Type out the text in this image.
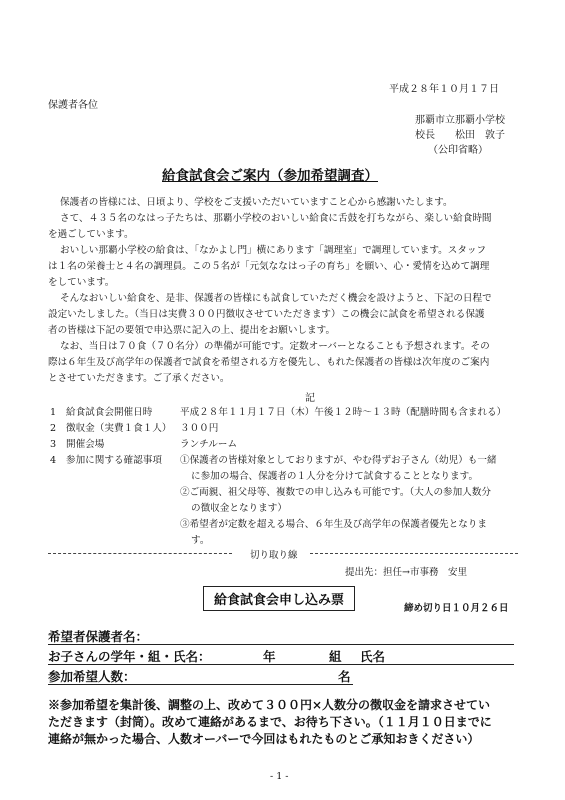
平成２８年１０月１７日
保護者各位
那覇市立那覇小学校
校長　　松田　敦子
（公印省略）
給食試食会ご案内（参加希望調査）
保護者の皆様には、日頃より、学校をご支援いただいていますこと心から感謝いたします。
さて、４３５名のなはっ子たちは、那覇小学校のおいしい給食に舌鼓を打ちながら、楽しい給食時間
を過ごしています。
おいしい那覇小学校の給食は、「なかよし門」横にあります「調理室」で調理しています。スタッフ
は１名の栄養士と４名の調理員。この５名が「元気ななはっ子の育ち」を願い、心・愛情を込めて調理
をしています。
そんなおいしい給食を、是非、保護者の皆様にも試食していただく機会を設けようと、下記の日程で
設定いたしました。（当日は実費３００円徴収させていただきます）この機会に試食を希望される保護
者の皆様は下記の要領で申込票に記入の上、提出をお願いします。
なお、当日は７０食（７０名分）の準備が可能です。定数オーバーとなることも予想されます。その
際は６年生及び高学年の保護者で試食を希望される方を優先し、もれた保護者の皆様は次年度のご案内
とさせていただきます。ご了承ください。
記
1 給食試食会開催日時	平成２８年１１月１７日（木）午後１２時〜１３時（配膳時間も含まれる）
2 徴収金（実費１食１人） ３００円
3 開催会場	ランチルーム
4 参加に関する確認事項 ①保護者の皆様対象としておりますが、やむ得ずお子さん（幼児）も一緒
に参加の場合、保護者の１人分を分けて試食することとなります。
②ご両親、祖父母等、複数での申し込みも可能です。（大人の参加人数分
の徴収金となります）
③希望者が定数を超える場合、６年生及び高学年の保護者優先となりま
す。
切り取り線
提出先：担任→市事務　安里
給食試食会申し込み票
締め切り日１０月２６日
希望者保護者名：
お子さんの学年・組・氏名：	年	組 氏名
参加希望人数：	名
※参加希望を集計後、調整の上、改めて３００円×人数分の徴収金を請求させてい
ただきます（封筒）。改めて連絡があるまで、お待ち下さい。（１１月１０日までに
連絡が無かった場合、人数オーバーで今回はもれたものとご承知おきください）
- 1 -
